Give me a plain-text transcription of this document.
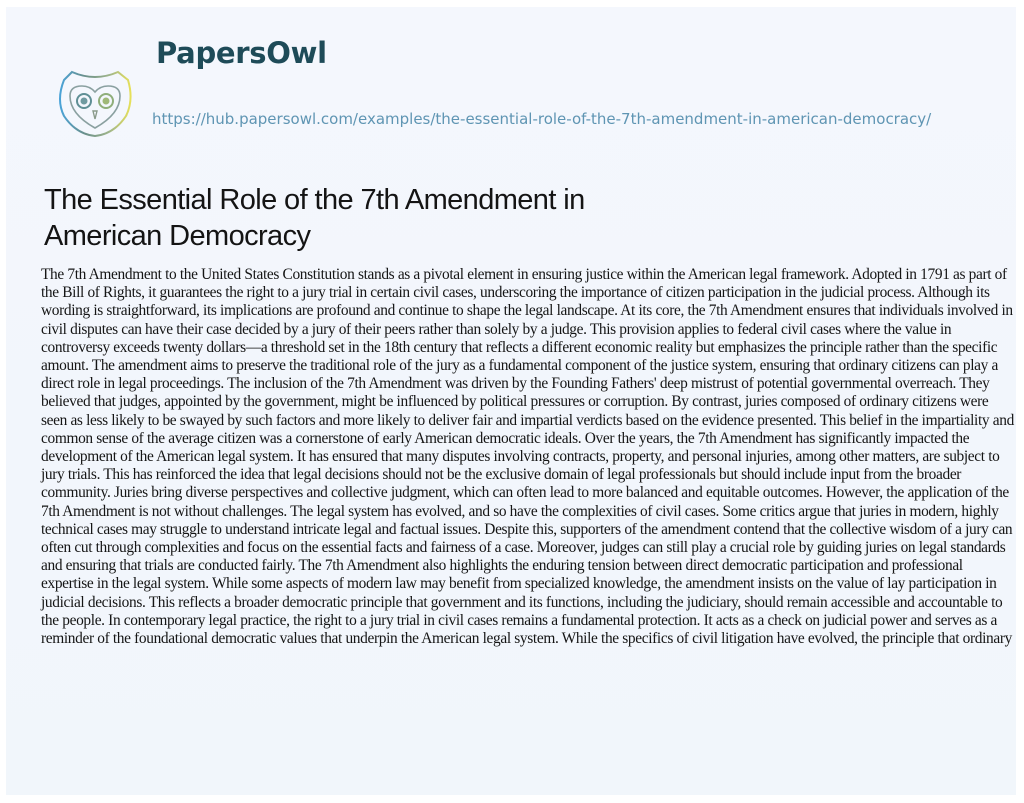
PapersOwl
https://hub.papersowl.com/examples/the-essential-role-of-the-7th-amendment-in-american-democracy/
The Essential Role of the 7th Amendment in American Democracy

The 7th Amendment to the United States Constitution stands as a pivotal element in ensuring justice within the American legal framework. Adopted in 1791 as part of the Bill of Rights, it guarantees the right to a jury trial in certain civil cases, underscoring the importance of citizen participation in the judicial process. Although its wording is straightforward, its implications are profound and continue to shape the legal landscape. At its core, the 7th Amendment ensures that individuals involved in civil disputes can have their case decided by a jury of their peers rather than solely by a judge. This provision applies to federal civil cases where the value in controversy exceeds twenty dollars—a threshold set in the 18th century that reflects a different economic reality but emphasizes the principle rather than the specific amount. The amendment aims to preserve the traditional role of the jury as a fundamental component of the justice system, ensuring that ordinary citizens can play a direct role in legal proceedings. The inclusion of the 7th Amendment was driven by the Founding Fathers' deep mistrust of potential governmental overreach. They believed that judges, appointed by the government, might be influenced by political pressures or corruption. By contrast, juries composed of ordinary citizens were seen as less likely to be swayed by such factors and more likely to deliver fair and impartial verdicts based on the evidence presented. This belief in the impartiality and common sense of the average citizen was a cornerstone of early American democratic ideals. Over the years, the 7th Amendment has significantly impacted the development of the American legal system. It has ensured that many disputes involving contracts, property, and personal injuries, among other matters, are subject to jury trials. This has reinforced the idea that legal decisions should not be the exclusive domain of legal professionals but should include input from the broader community. Juries bring diverse perspectives and collective judgment, which can often lead to more balanced and equitable outcomes. However, the application of the 7th Amendment is not without challenges. The legal system has evolved, and so have the complexities of civil cases. Some critics argue that juries in modern, highly technical cases may struggle to understand intricate legal and factual issues. Despite this, supporters of the amendment contend that the collective wisdom of a jury can often cut through complexities and focus on the essential facts and fairness of a case. Moreover, judges can still play a crucial role by guiding juries on legal standards and ensuring that trials are conducted fairly. The 7th Amendment also highlights the enduring tension between direct democratic participation and professional expertise in the legal system. While some aspects of modern law may benefit from specialized knowledge, the amendment insists on the value of lay participation in judicial decisions. This reflects a broader democratic principle that government and its functions, including the judiciary, should remain accessible and accountable to the people. In contemporary legal practice, the right to a jury trial in civil cases remains a fundamental protection. It acts as a check on judicial power and serves as a reminder of the foundational democratic values that underpin the American legal system. While the specifics of civil litigation have evolved, the principle that ordinary
